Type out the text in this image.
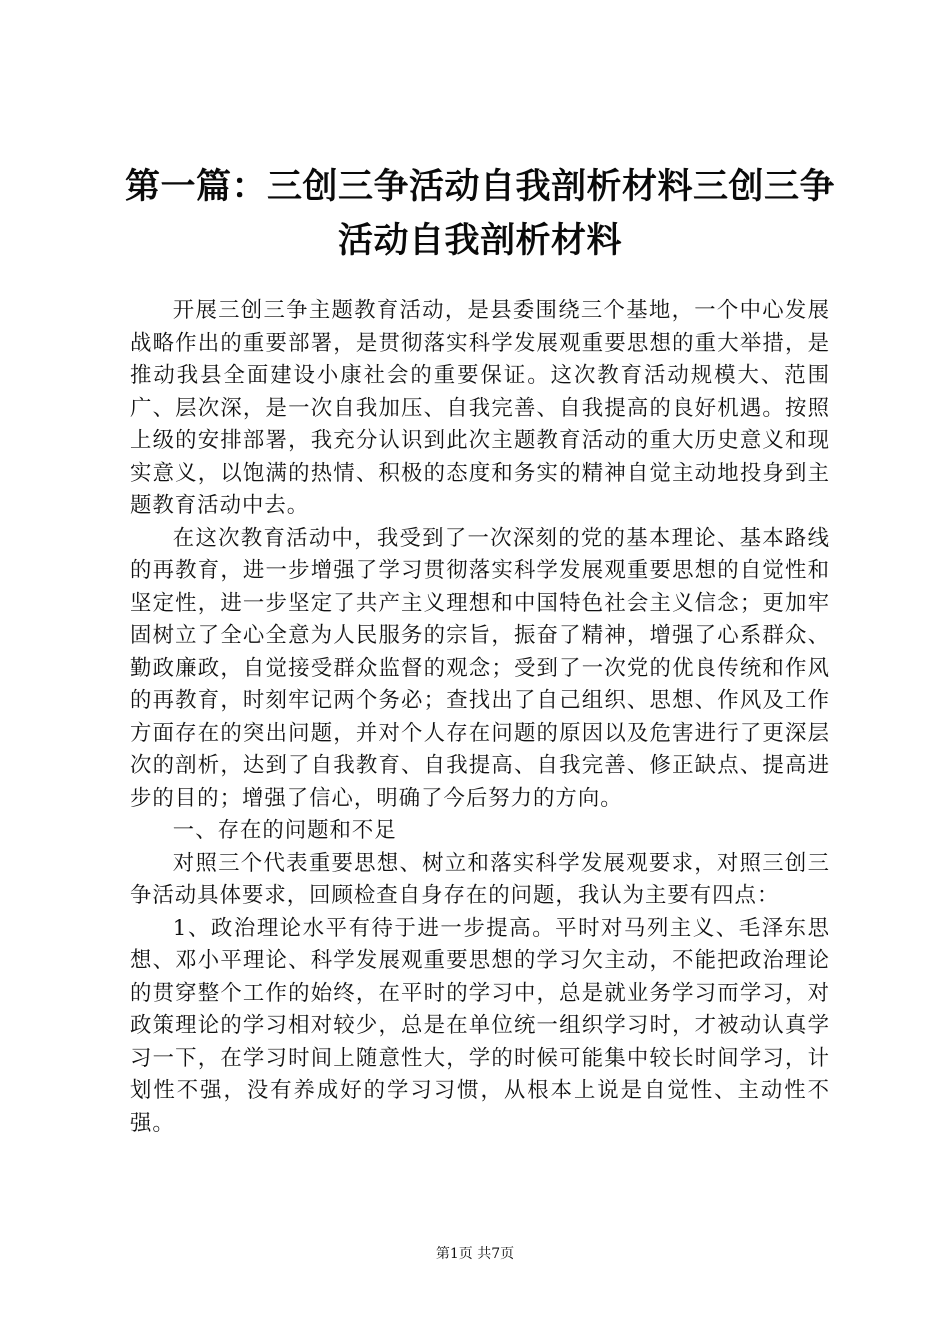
第一篇：三创三争活动自我剖析材料三创三争活动自我剖析材料

开展三创三争主题教育活动，是县委围绕三个基地，一个中心发展战略作出的重要部署，是贯彻落实科学发展观重要思想的重大举措，是推动我县全面建设小康社会的重要保证。这次教育活动规模大、范围广、层次深，是一次自我加压、自我完善、自我提高的良好机遇。按照上级的安排部署，我充分认识到此次主题教育活动的重大历史意义和现实意义，以饱满的热情、积极的态度和务实的精神自觉主动地投身到主题教育活动中去。

在这次教育活动中，我受到了一次深刻的党的基本理论、基本路线的再教育，进一步增强了学习贯彻落实科学发展观重要思想的自觉性和坚定性，进一步坚定了共产主义理想和中国特色社会主义信念；更加牢固树立了全心全意为人民服务的宗旨，振奋了精神，增强了心系群众、勤政廉政，自觉接受群众监督的观念；受到了一次党的优良传统和作风的再教育，时刻牢记两个务必；查找出了自己组织、思想、作风及工作方面存在的突出问题，并对个人存在问题的原因以及危害进行了更深层次的剖析，达到了自我教育、自我提高、自我完善、修正缺点、提高进步的目的；增强了信心，明确了今后努力的方向。

一、存在的问题和不足

对照三个代表重要思想、树立和落实科学发展观要求，对照三创三争活动具体要求，回顾检查自身存在的问题，我认为主要有四点：

1、政治理论水平有待于进一步提高。平时对马列主义、毛泽东思想、邓小平理论、科学发展观重要思想的学习欠主动，不能把政治理论的贯穿整个工作的始终，在平时的学习中，总是就业务学习而学习，对政策理论的学习相对较少，总是在单位统一组织学习时，才被动认真学习一下，在学习时间上随意性大，学的时候可能集中较长时间学习，计划性不强，没有养成好的学习习惯，从根本上说是自觉性、主动性不强。

第1页 共7页
